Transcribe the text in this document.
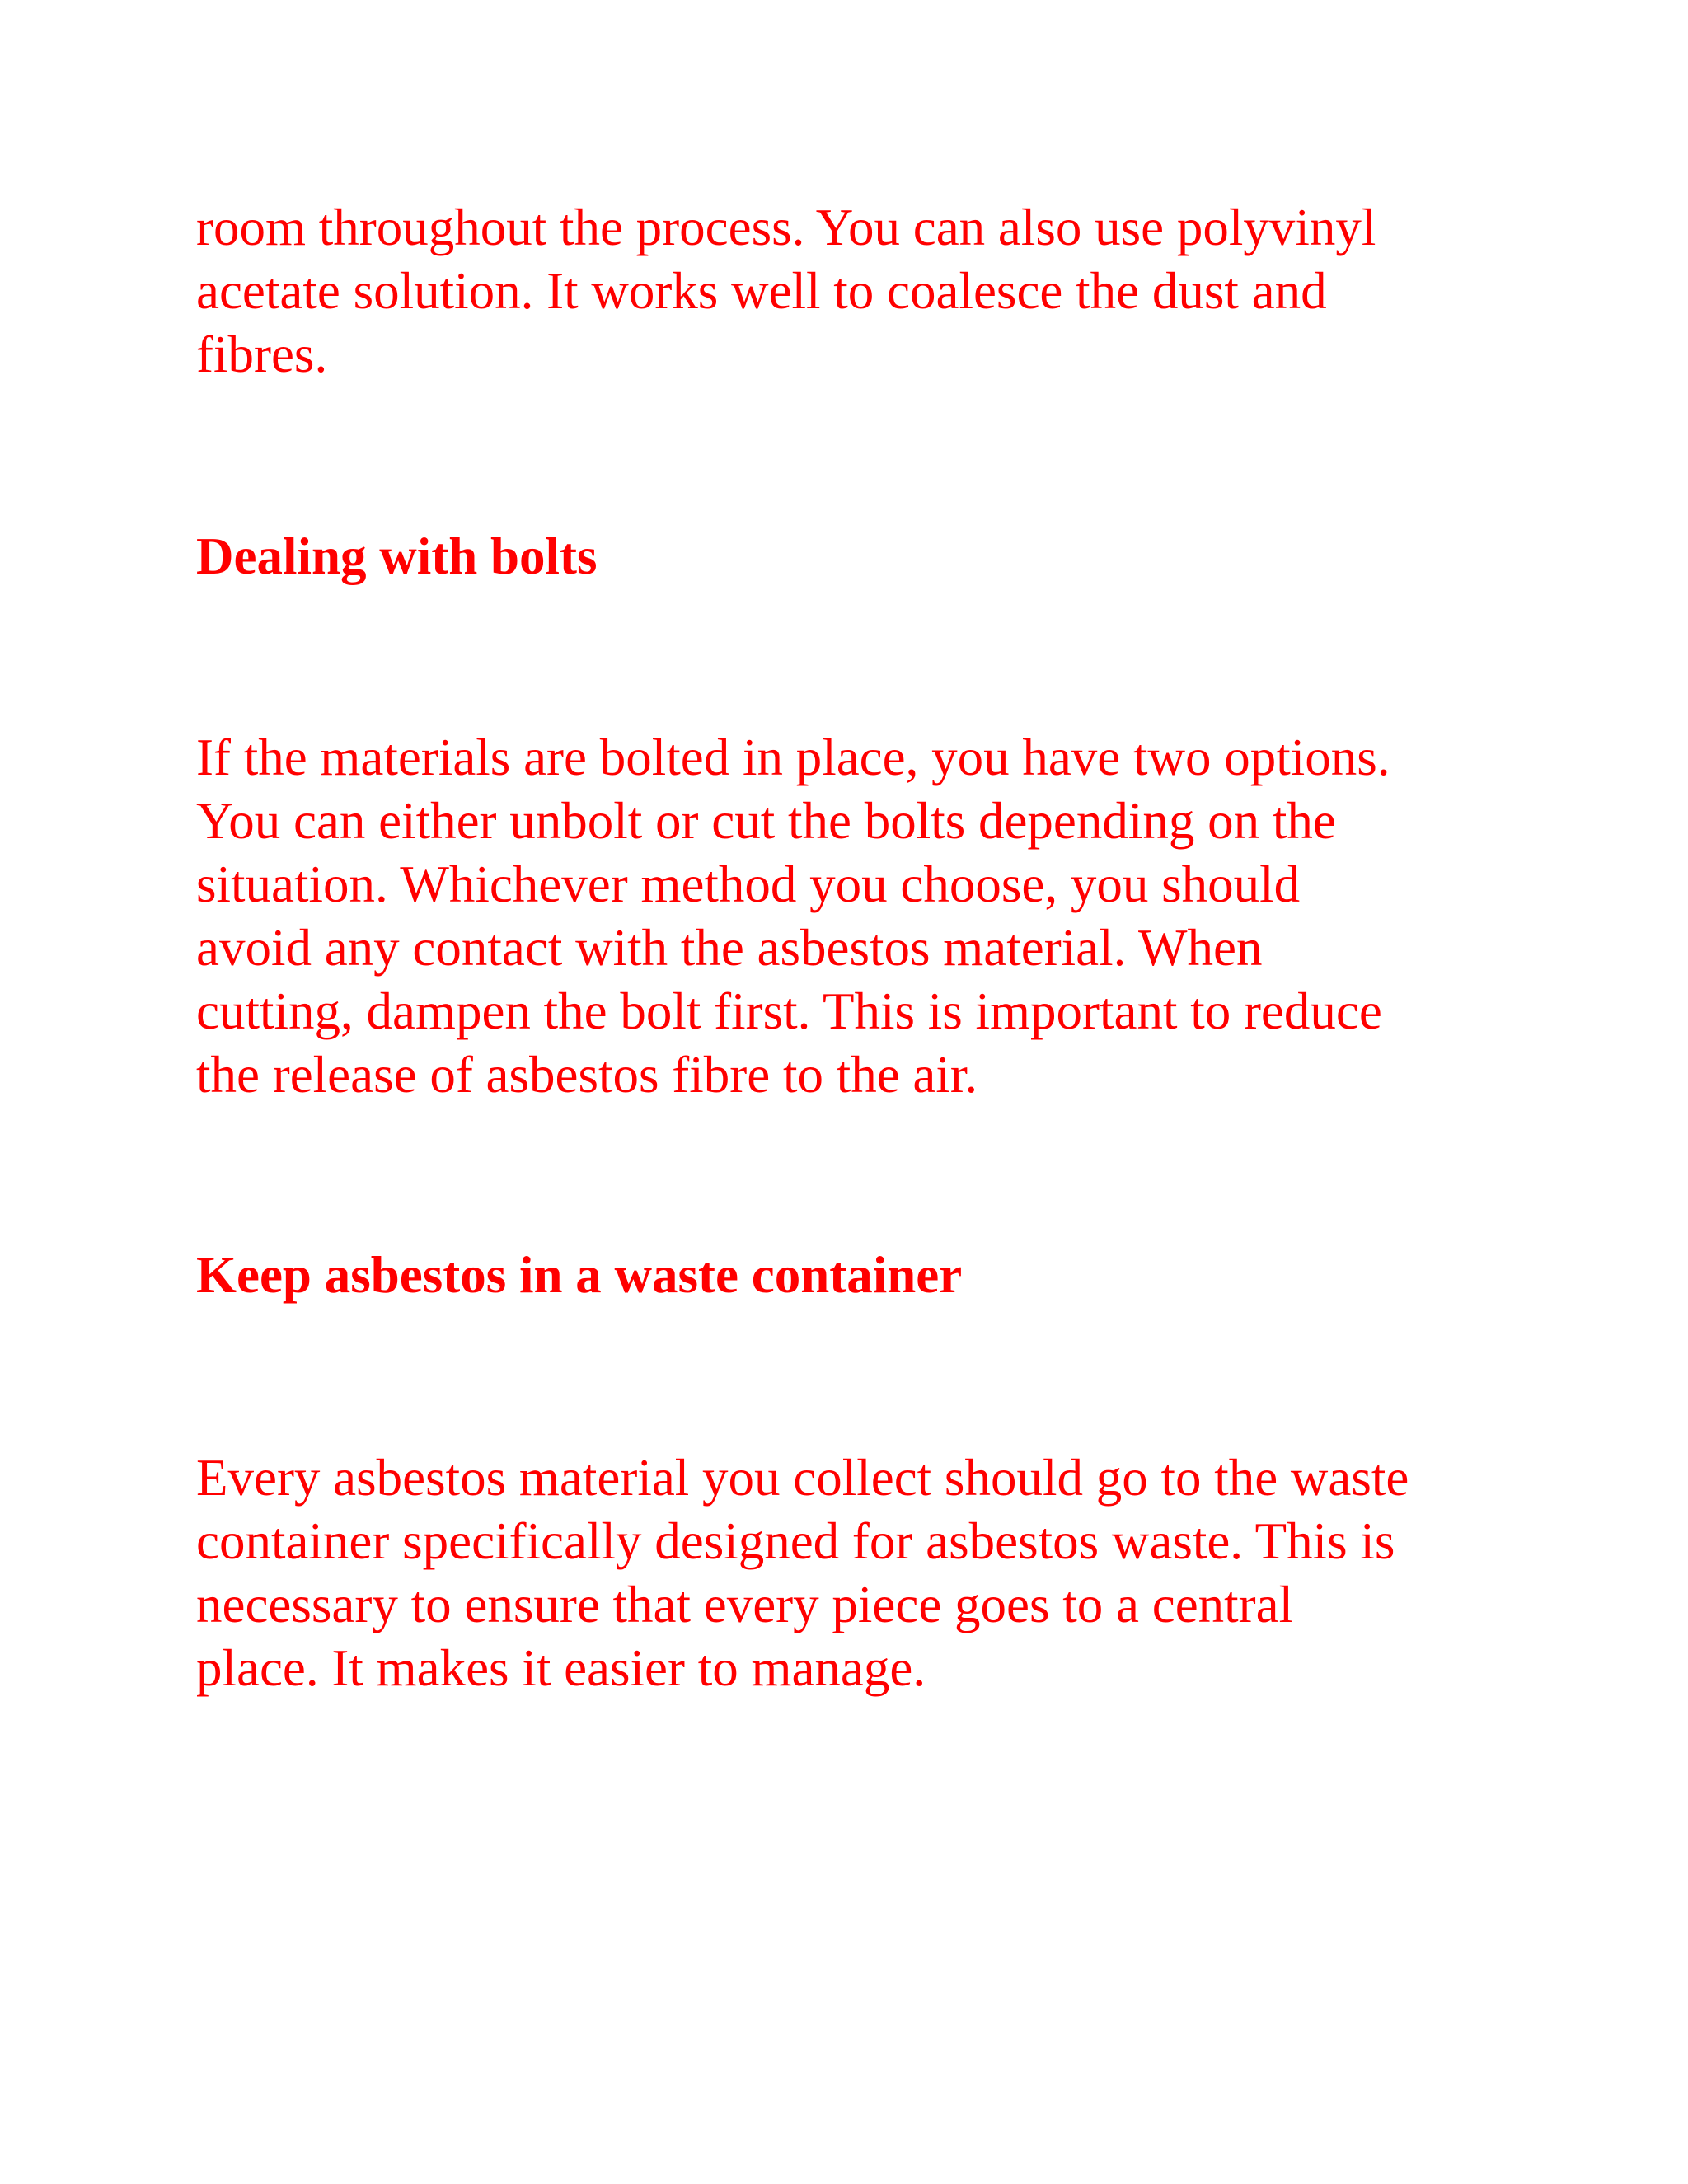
room throughout the process. You can also use polyvinyl
acetate solution. It works well to coalesce the dust and
fibres.

Dealing with bolts

If the materials are bolted in place, you have two options.
You can either unbolt or cut the bolts depending on the
situation. Whichever method you choose, you should
avoid any contact with the asbestos material. When
cutting, dampen the bolt first. This is important to reduce
the release of asbestos fibre to the air.

Keep asbestos in a waste container

Every asbestos material you collect should go to the waste
container specifically designed for asbestos waste. This is
necessary to ensure that every piece goes to a central
place. It makes it easier to manage.
